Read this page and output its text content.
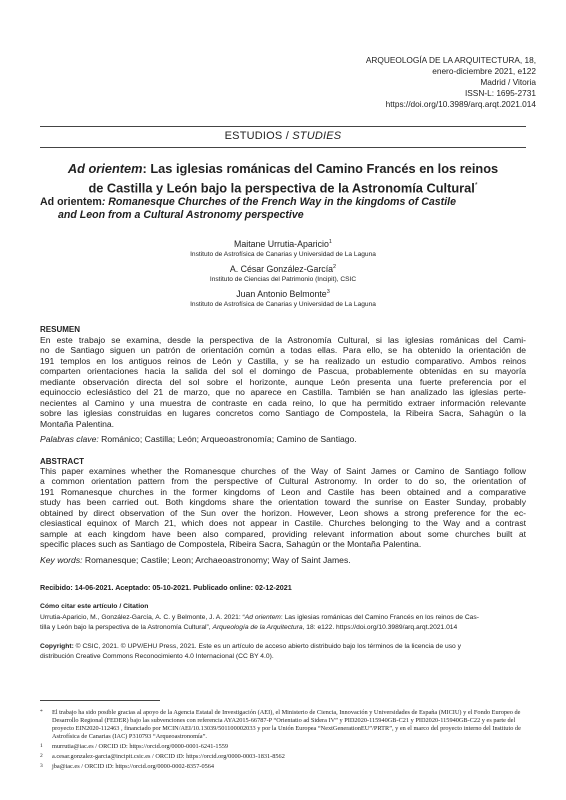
ARQUEOLOGÍA DE LA ARQUITECTURA, 18,
enero-diciembre 2021, e122
Madrid / Vitoria
ISSN-L: 1695-2731
https://doi.org/10.3989/arq.arqt.2021.014
ESTUDIOS / STUDIES
Ad orientem: Las iglesias románicas del Camino Francés en los reinos
de Castilla y León bajo la perspectiva de la Astronomía Cultural*
Ad orientem: Romanesque Churches of the French Way in the kingdoms of Castile
and Leon from a Cultural Astronomy perspective
Maitane Urrutia-Aparicio$^1$
Instituto de Astrofísica de Canarias y Universidad de La Laguna
A. César González-García$^2$
Instituto de Ciencias del Patrimonio (Incipit), CSIC
Juan Antonio Belmonte$^3$
Instituto de Astrofísica de Canarias y Universidad de La Laguna
RESUMEN
En este trabajo se examina, desde la perspectiva de la Astronomía Cultural, si las iglesias románicas del Cami-
no de Santiago siguen un patrón de orientación común a todas ellas. Para ello, se ha obtenido la orientación de
191 templos en los antiguos reinos de León y Castilla, y se ha realizado un estudio comparativo. Ambos reinos
comparten orientaciones hacia la salida del sol el domingo de Pascua, probablemente obtenidas en su mayoría
mediante observación directa del sol sobre el horizonte, aunque León presenta una fuerte preferencia por el
equinoccio eclesiástico del 21 de marzo, que no aparece en Castilla. También se han analizado las iglesias perte-
necientes al Camino y una muestra de contraste en cada reino, lo que ha permitido extraer información relevante
sobre las iglesias construidas en lugares concretos como Santiago de Compostela, la Ribeira Sacra, Sahagún o la
Montaña Palentina.
Palabras clave: Románico; Castilla; León; Arqueoastronomía; Camino de Santiago.
ABSTRACT
This paper examines whether the Romanesque churches of the Way of Saint James or Camino de Santiago follow
a common orientation pattern from the perspective of Cultural Astronomy. In order to do so, the orientation of
191 Romanesque churches in the former kingdoms of Leon and Castile has been obtained and a comparative
study has been carried out. Both kingdoms share the orientation toward the sunrise on Easter Sunday, probably
obtained by direct observation of the Sun over the horizon. However, Leon shows a strong preference for the ec-
clesiastical equinox of March 21, which does not appear in Castile. Churches belonging to the Way and a contrast
sample at each kingdom have been also compared, providing relevant information about some churches built at
specific places such as Santiago de Compostela, Ribeira Sacra, Sahagún or the Montaña Palentina.
Key words: Romanesque; Castile; Leon; Archaeoastronomy; Way of Saint James.
Recibido: 14-06-2021. Aceptado: 05-10-2021. Publicado online: 02-12-2021
Cómo citar este artículo / Citation
Urrutia-Aparicio, M., González-García, A. C. y Belmonte, J. A. 2021: “Ad orientem: Las iglesias románicas del Camino Francés en los reinos de Cas-
tilla y León bajo la perspectiva de la Astronomía Cultural”, Arqueología de la Arquitectura, 18: e122. https://doi.org/10.3989/arq.arqt.2021.014
Copyright: © CSIC, 2021. © UPV/EHU Press, 2021. Este es un artículo de acceso abierto distribuido bajo los términos de la licencia de uso y
distribución Creative Commons Reconocimiento 4.0 Internacional (CC BY 4.0).
* El trabajo ha sido posible gracias al apoyo de la Agencia Estatal de Investigación (AEI), el Ministerio de Ciencia, Innovación y Universidades de España (MICIU) y el Fondo Europeo de Desarrollo Regional (FEDER) bajo las subvenciones con referencia AYA2015-66787-P “Orientatio ad Sidera IV” y PID2020-115940GB-C21 y PID2020-115940GB-C22 y es parte del proyecto EIN2020-112463 , financiado por MCIN/AEI/10.13039/501100002033 y por la Unión Europea “NextGenerationEU”/PRTR”, y en el marco del proyecto interno del Instituto de Astrofísica de Canarias (IAC) P310793 “Arqueoastronomía”.
1 murrutia@iac.es / ORCID iD: https://orcid.org/0000-0001-6241-1559
2 a.cesar.gonzalez-garcia@incipit.csic.es / ORCID iD: https://orcid.org/0000-0003-1831-8562
3 jba@iac.es / ORCID iD: https://orcid.org/0000-0002-8357-0564
